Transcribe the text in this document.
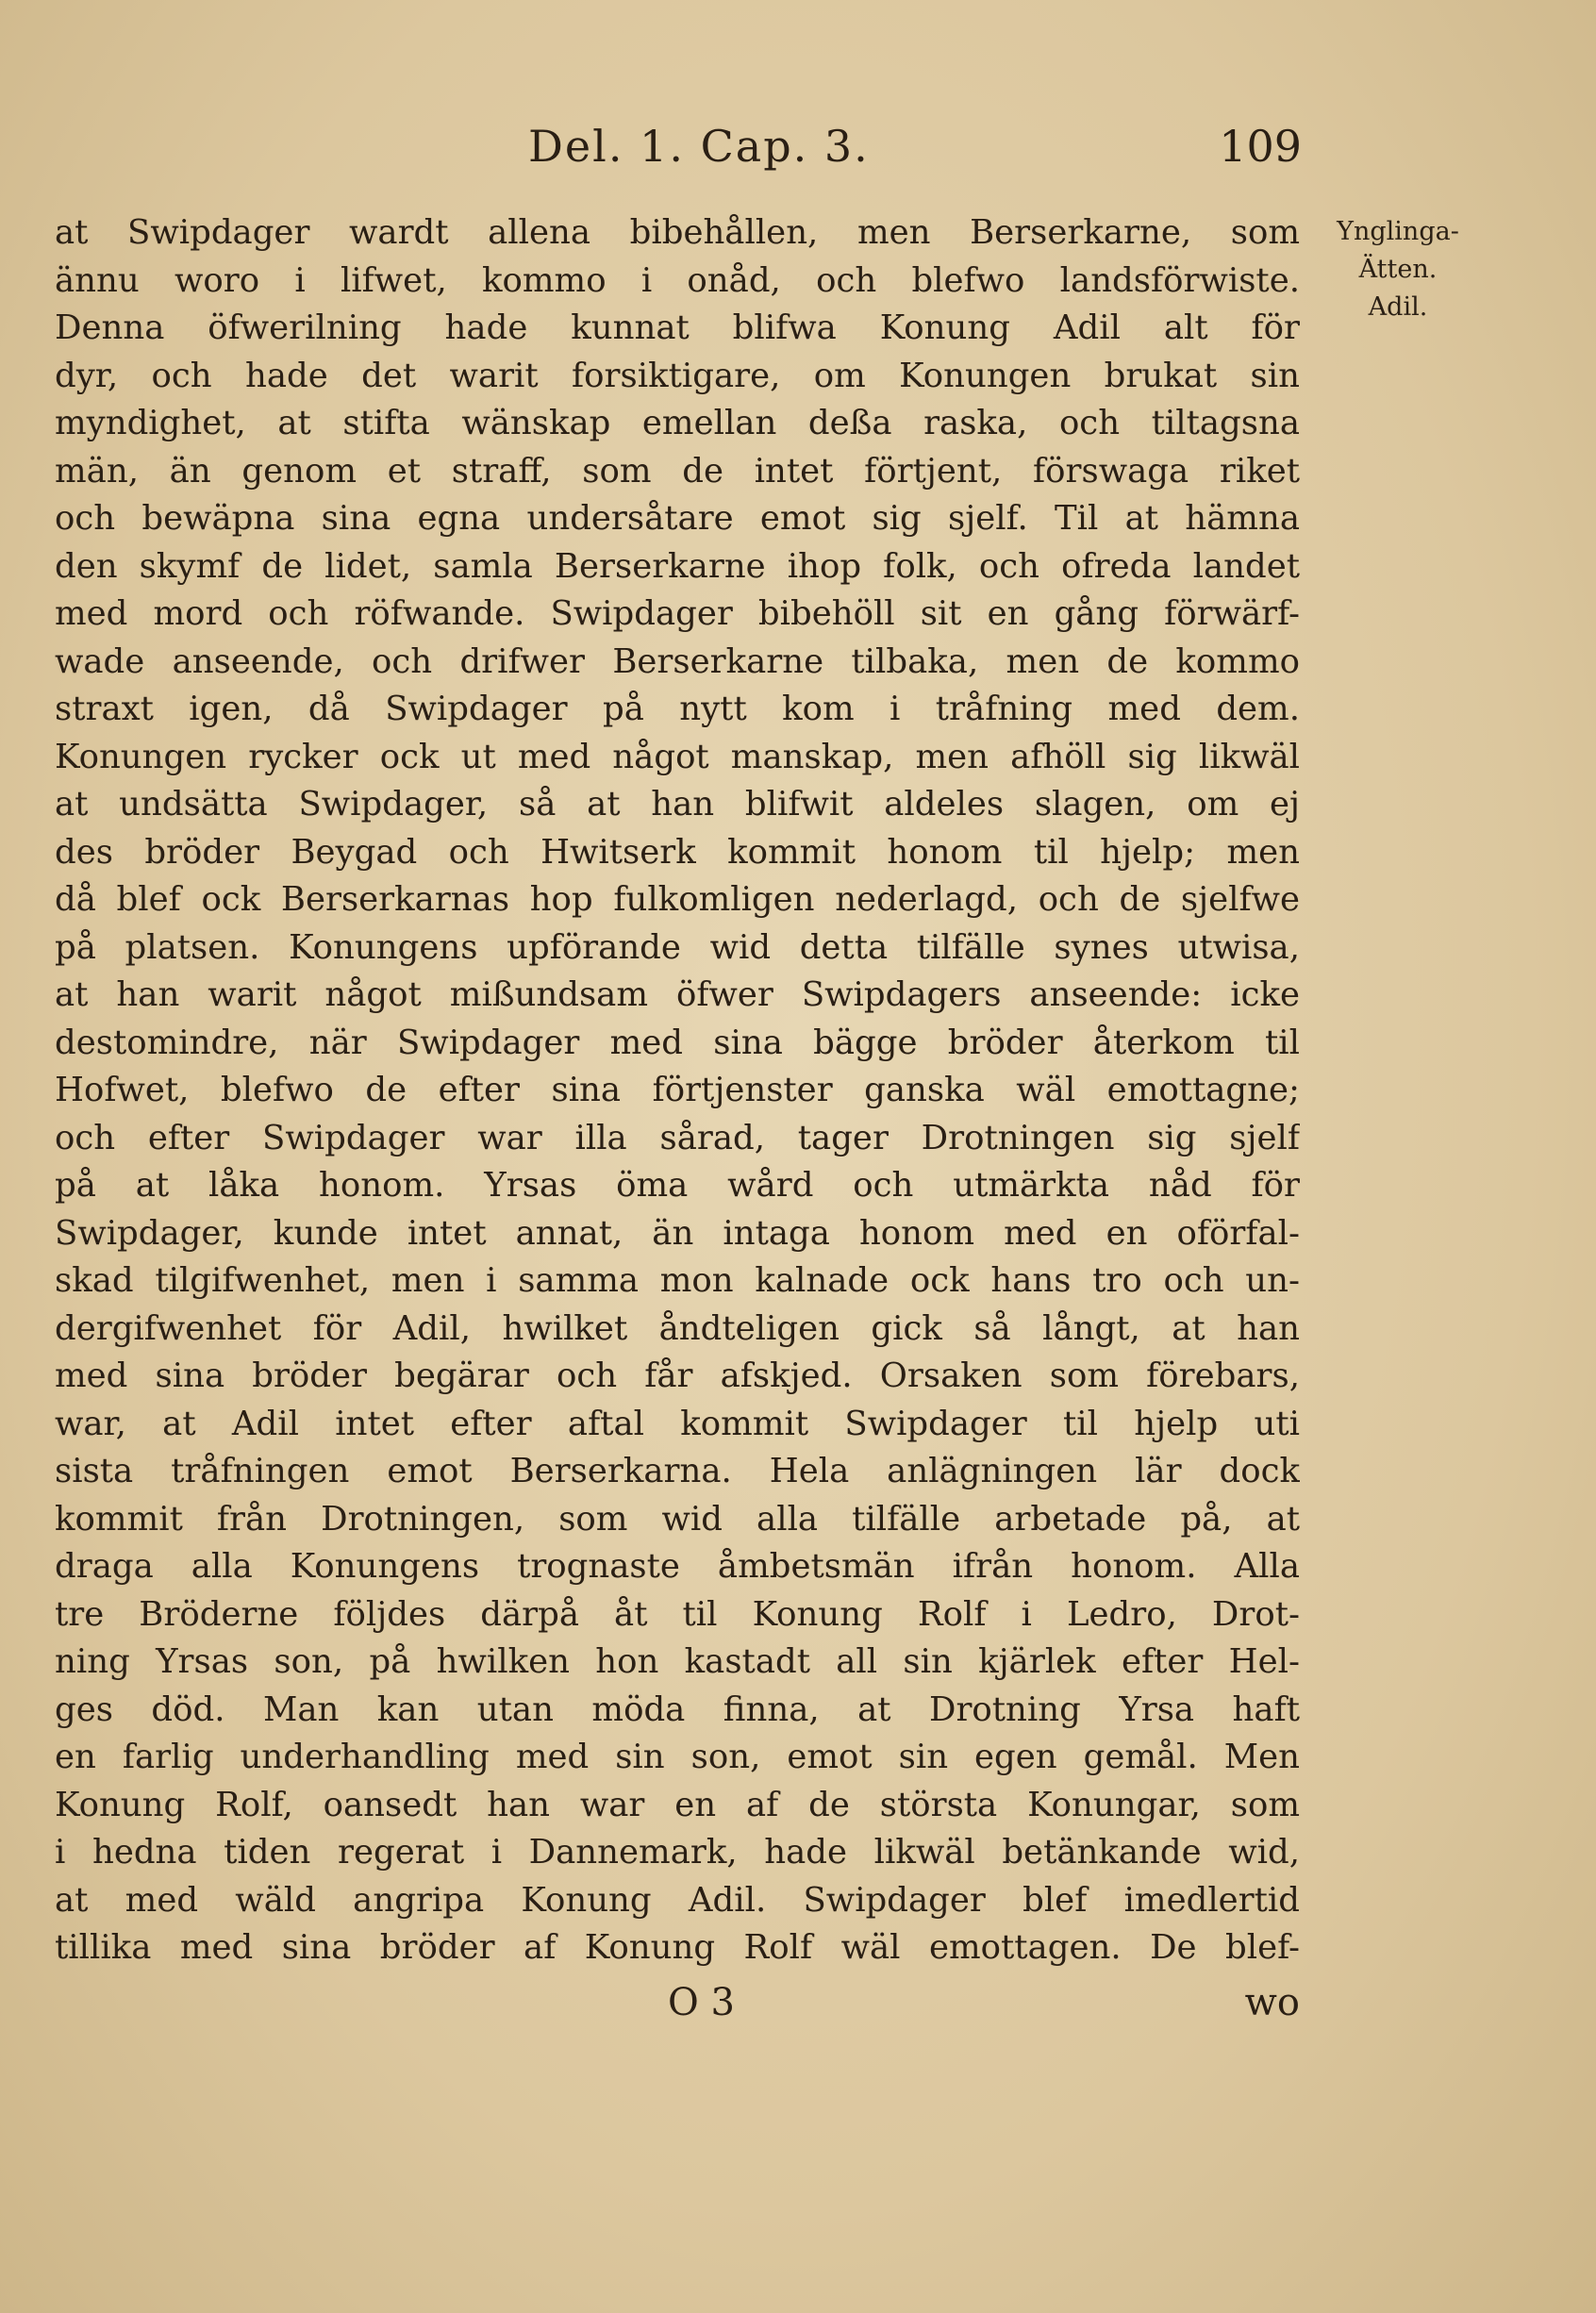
Del. 1. Cap. 3.	109
Ynglinga-
Ätten.
Adil.
at Swipdager wardt allena bibehållen, men Berserkarne, som
ännu woro i lifwet, kommo i onåd, och blefwo landsförwiste.
Denna öfwerilning hade kunnat blifwa Konung Adil alt för
dyr, och hade det warit forsiktigare, om Konungen brukat sin
myndighet, at stifta wänskap emellan deßa raska, och tiltagsna
män, än genom et straff, som de intet förtjent, förswaga riket
och bewäpna sina egna undersåtare emot sig sjelf. Til at hämna
den skymf de lidet, samla Berserkarne ihop folk, och ofreda landet
med mord och röfwande. Swipdager bibehöll sit en gång förwärf-
wade anseende, och drifwer Berserkarne tilbaka, men de kommo
straxt igen, då Swipdager på nytt kom i tråfning med dem.
Konungen rycker ock ut med något manskap, men afhöll sig likwäl
at undsätta Swipdager, så at han blifwit aldeles slagen, om ej
des bröder Beygad och Hwitserk kommit honom til hjelp; men
då blef ock Berserkarnas hop fulkomligen nederlagd, och de sjelfwe
på platsen. Konungens upförande wid detta tilfälle synes utwisa,
at han warit något mißundsam öfwer Swipdagers anseende: icke
destomindre, när Swipdager med sina bägge bröder återkom til
Hofwet, blefwo de efter sina förtjenster ganska wäl emottagne;
och efter Swipdager war illa sårad, tager Drotningen sig sjelf
på at låka honom. Yrsas öma wård och utmärkta nåd för
Swipdager, kunde intet annat, än intaga honom med en oförfal-
skad tilgifwenhet, men i samma mon kalnade ock hans tro och un-
dergifwenhet för Adil, hwilket åndteligen gick så långt, at han
med sina bröder begärar och får afskjed. Orsaken som förebars,
war, at Adil intet efter aftal kommit Swipdager til hjelp uti
sista tråfningen emot Berserkarna. Hela anlägningen lär dock
kommit från Drotningen, som wid alla tilfälle arbetade på, at
draga alla Konungens trognaste åmbetsmän ifrån honom. Alla
tre Bröderne följdes därpå åt til Konung Rolf i Ledro, Drot-
ning Yrsas son, på hwilken hon kastadt all sin kjärlek efter Hel-
ges död. Man kan utan möda finna, at Drotning Yrsa haft
en farlig underhandling med sin son, emot sin egen gemål. Men
Konung Rolf, oansedt han war en af de största Konungar, som
i hedna tiden regerat i Dannemark, hade likwäl betänkande wid,
at med wäld angripa Konung Adil. Swipdager blef imedlertid
tillika med sina bröder af Konung Rolf wäl emottagen. De blef-
O 3	wo
